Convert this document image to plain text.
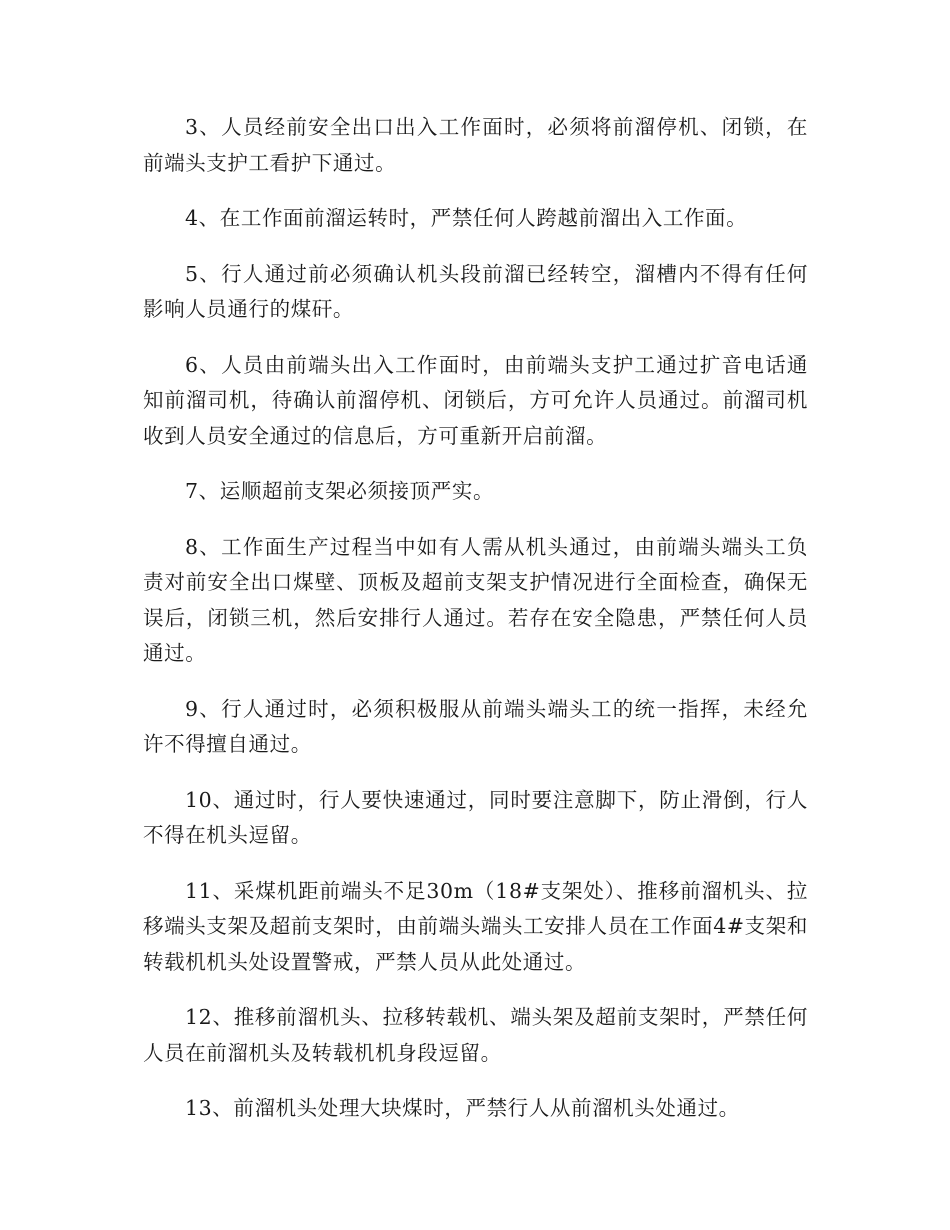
3、人员经前安全出口出入工作面时，必须将前溜停机、闭锁，在前端头支护工看护下通过。

4、在工作面前溜运转时，严禁任何人跨越前溜出入工作面。

5、行人通过前必须确认机头段前溜已经转空，溜槽内不得有任何影响人员通行的煤矸。

6、人员由前端头出入工作面时，由前端头支护工通过扩音电话通知前溜司机，待确认前溜停机、闭锁后，方可允许人员通过。前溜司机收到人员安全通过的信息后，方可重新开启前溜。

7、运顺超前支架必须接顶严实。

8、工作面生产过程当中如有人需从机头通过，由前端头端头工负责对前安全出口煤壁、顶板及超前支架支护情况进行全面检查，确保无误后，闭锁三机，然后安排行人通过。若存在安全隐患，严禁任何人员通过。

9、行人通过时，必须积极服从前端头端头工的统一指挥，未经允许不得擅自通过。

10、通过时，行人要快速通过，同时要注意脚下，防止滑倒，行人不得在机头逗留。

11、采煤机距前端头不足30m（18#支架处）、推移前溜机头、拉移端头支架及超前支架时，由前端头端头工安排人员在工作面4#支架和转载机机头处设置警戒，严禁人员从此处通过。

12、推移前溜机头、拉移转载机、端头架及超前支架时，严禁任何人员在前溜机头及转载机机身段逗留。

13、前溜机头处理大块煤时，严禁行人从前溜机头处通过。
